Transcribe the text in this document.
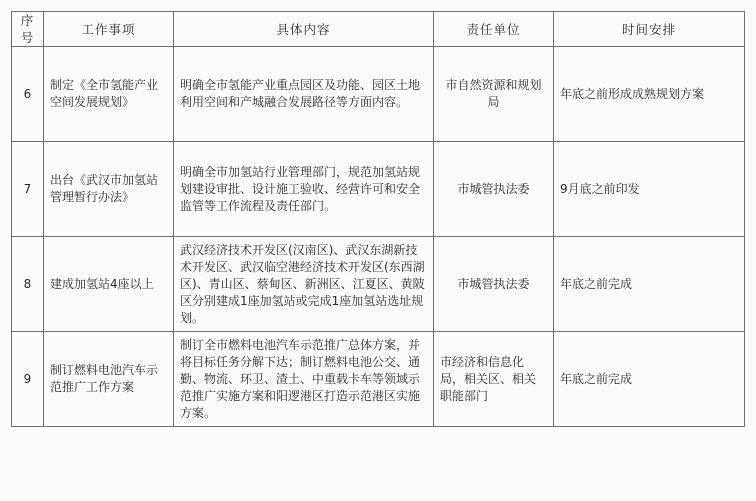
序号	工作事项	具体内容	责任单位	时间安排
6	制定《全市氢能产业空间发展规划》	明确全市氢能产业重点园区及功能、园区土地利用空间和产城融合发展路径等方面内容。	市自然资源和规划局	年底之前形成成熟规划方案
7	出台《武汉市加氢站管理暂行办法》	明确全市加氢站行业管理部门，规范加氢站规划建设审批、设计施工验收、经营许可和安全监管等工作流程及责任部门。	市城管执法委	9月底之前印发
8	建成加氢站4座以上	武汉经济技术开发区(汉南区)、武汉东湖新技术开发区、武汉临空港经济技术开发区(东西湖区)、青山区、蔡甸区、新洲区、江夏区、黄陂区分别建成1座加氢站或完成1座加氢站选址规划。	市城管执法委	年底之前完成
9	制订燃料电池汽车示范推广工作方案	制订全市燃料电池汽车示范推广总体方案，并将目标任务分解下达；制订燃料电池公交、通勤、物流、环卫、渣土、中重载卡车等领域示范推广实施方案和阳逻港区打造示范港区实施方案。	市经济和信息化局，相关区、相关职能部门	年底之前完成
